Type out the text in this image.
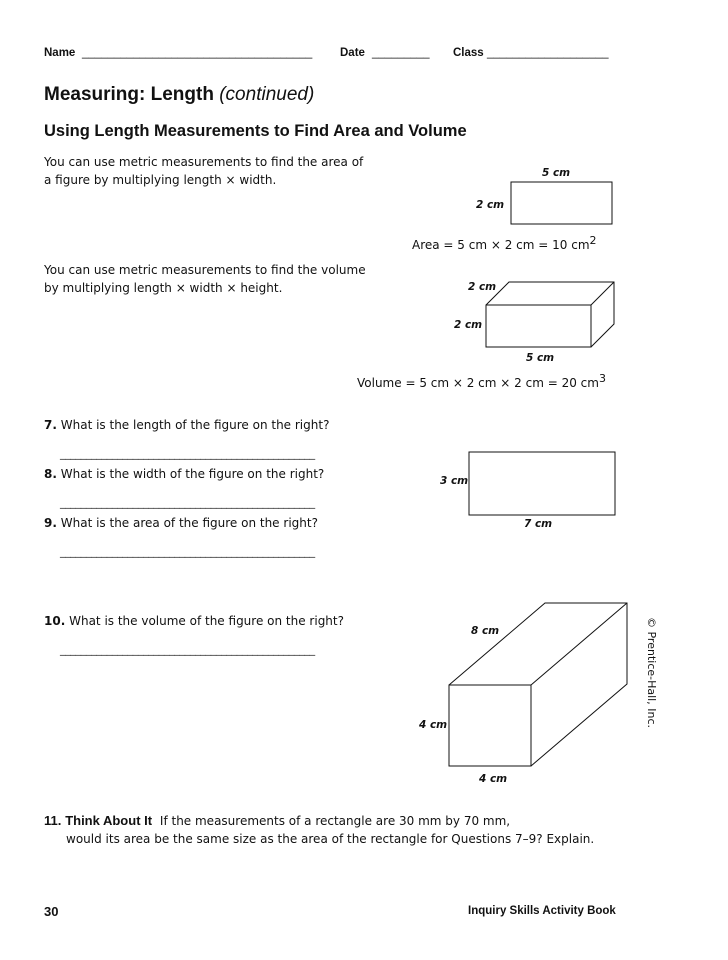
Name ____________________________________ Date _________ Class ___________________
Measuring: Length (continued)
Using Length Measurements to Find Area and Volume
You can use metric measurements to find the area of
a figure by multiplying length × width.	5 cm
2 cm
Area = 5 cm × 2 cm = 10 cm2
You can use metric measurements to find the volume
by multiplying length × width × height.	2 cm
2 cm
5 cm
Volume = 5 cm × 2 cm × 2 cm = 20 cm3
7. What is the length of the figure on the right?
_________________________________________________
8. What is the width of the figure on the right?
_________________________________________________
9. What is the area of the figure on the right?
_________________________________________________
3 cm
7 cm
10. What is the volume of the figure on the right?
_________________________________________________
8 cm
4 cm
4 cm
© Prentice-Hall, Inc.
11. Think About It If the measurements of a rectangle are 30 mm by 70 mm,
would its area be the same size as the area of the rectangle for Questions 7–9? Explain.
30	Inquiry Skills Activity Book
